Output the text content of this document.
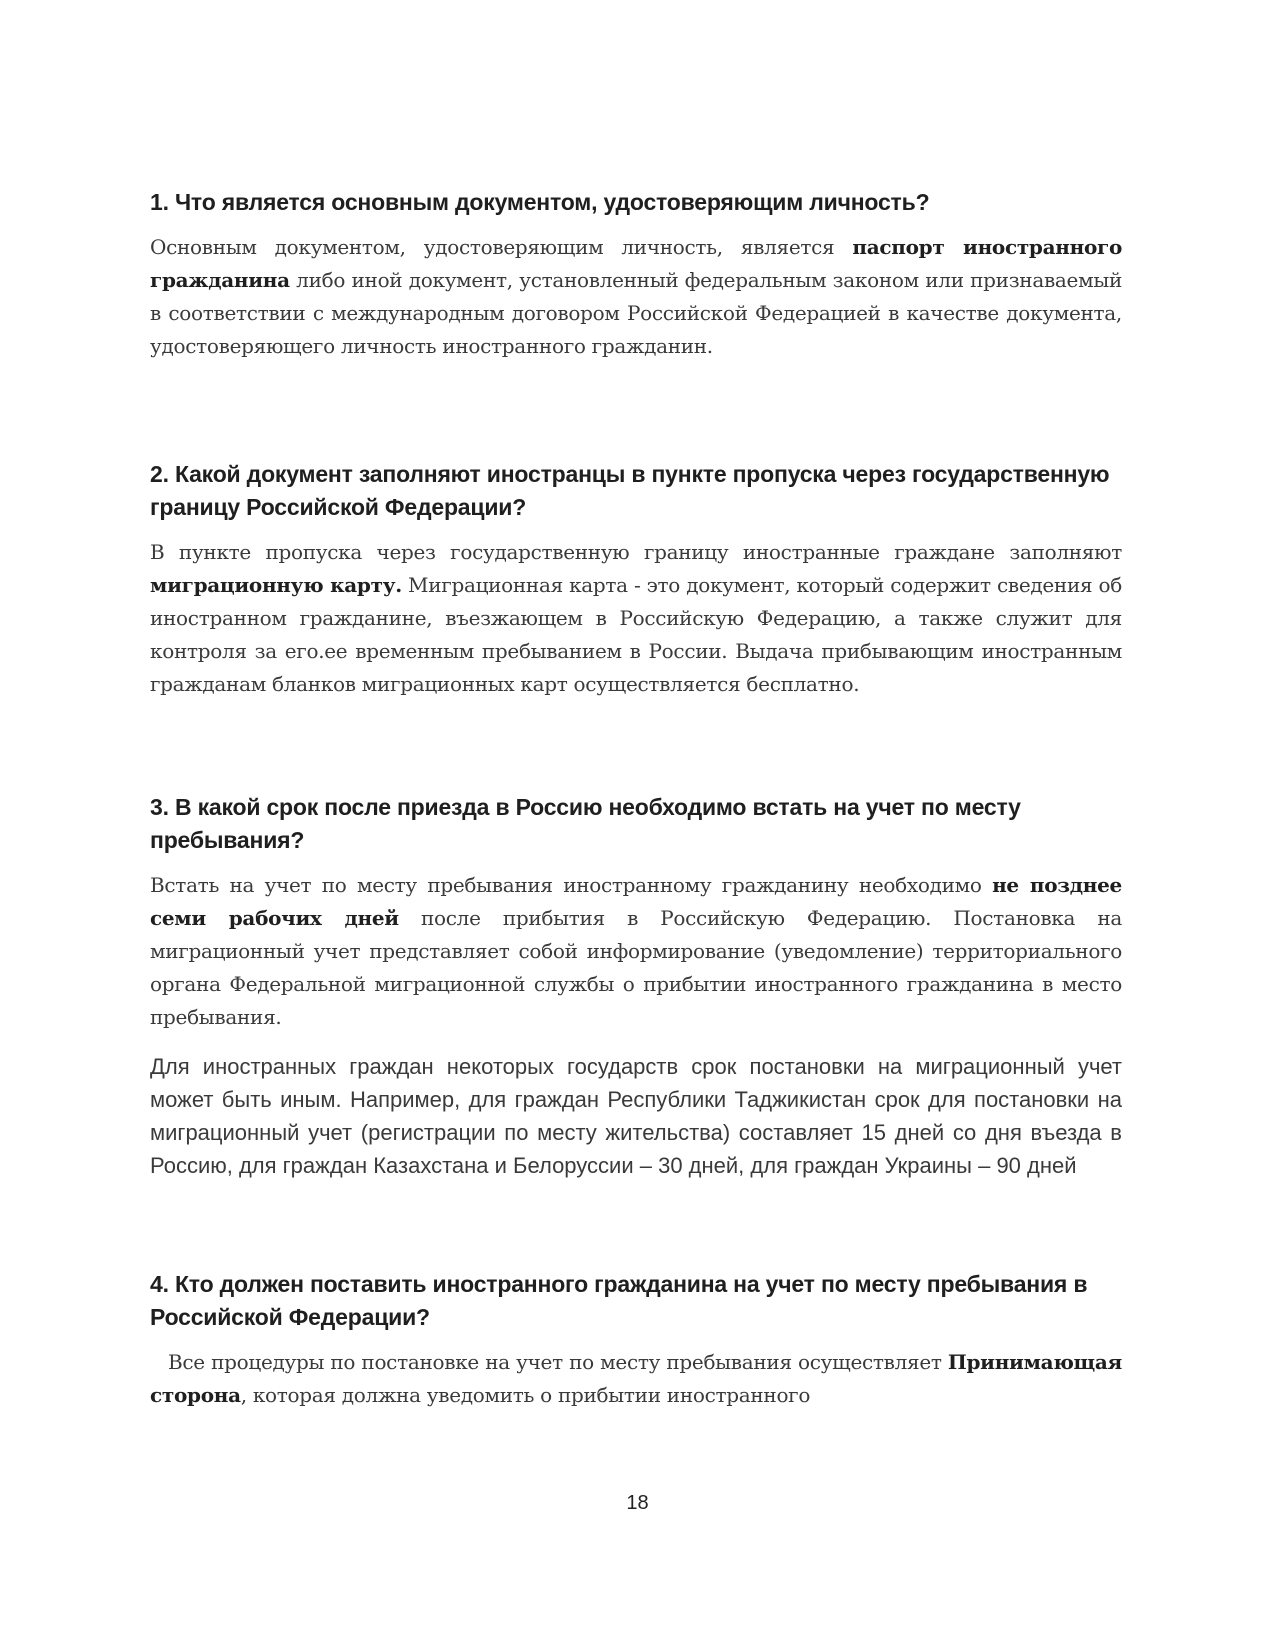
1. Что является основным документом, удостоверяющим личность?

Основным документом, удостоверяющим личность, является паспорт иностранного гражданина либо иной документ, установленный федеральным законом или признаваемый в соответствии с международным договором Российской Федерацией в качестве документа, удостоверяющего личность иностранного гражданин.

2. Какой документ заполняют иностранцы в пункте пропуска через государственную границу Российской Федерации?

В пункте пропуска через государственную границу иностранные граждане заполняют миграционную карту. Миграционная карта - это документ, который содержит сведения об иностранном гражданине, въезжающем в Российскую Федерацию, а также служит для контроля за его.ее временным пребыванием в России. Выдача прибывающим иностранным гражданам бланков миграционных карт осуществляется бесплатно.

3. В какой срок после приезда в Россию необходимо встать на учет по месту пребывания?

Встать на учет по месту пребывания иностранному гражданину необходимо не позднее семи рабочих дней после прибытия в Российскую Федерацию. Постановка на миграционный учет представляет собой информирование (уведомление) территориального органа Федеральной миграционной службы о прибытии иностранного гражданина в место пребывания.

Для иностранных граждан некоторых государств срок постановки на миграционный учет может быть иным. Например, для граждан Республики Таджикистан срок для постановки на миграционный учет (регистрации по месту жительства) составляет 15 дней со дня въезда в Россию, для граждан Казахстана и Белоруссии – 30 дней, для граждан Украины – 90 дней

4. Кто должен поставить иностранного гражданина на учет по месту пребывания в Российской Федерации?

Все процедуры по постановке на учет по месту пребывания осуществляет Принимающая сторона, которая должна уведомить о прибытии иностранного

18
